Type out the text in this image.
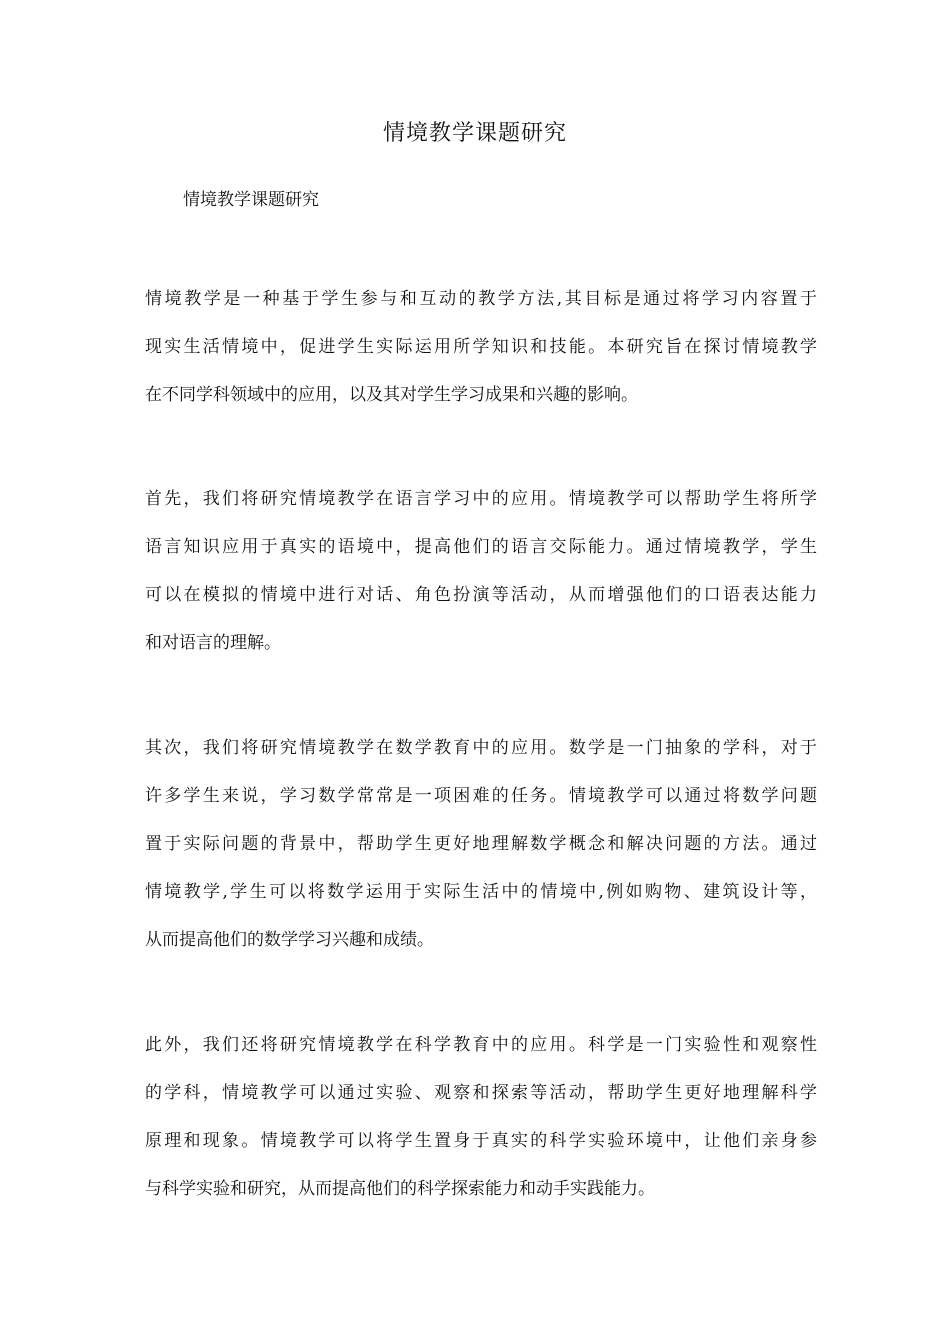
情境教学课题研究
情境教学课题研究
情境教学是一种基于学生参与和互动的教学方法,其目标是通过将学习内容置于
现实生活情境中，促进学生实际运用所学知识和技能。本研究旨在探讨情境教学
在不同学科领域中的应用，以及其对学生学习成果和兴趣的影响。
首先，我们将研究情境教学在语言学习中的应用。情境教学可以帮助学生将所学
语言知识应用于真实的语境中，提高他们的语言交际能力。通过情境教学，学生
可以在模拟的情境中进行对话、角色扮演等活动，从而增强他们的口语表达能力
和对语言的理解。
其次，我们将研究情境教学在数学教育中的应用。数学是一门抽象的学科，对于
许多学生来说，学习数学常常是一项困难的任务。情境教学可以通过将数学问题
置于实际问题的背景中，帮助学生更好地理解数学概念和解决问题的方法。通过
情境教学,学生可以将数学运用于实际生活中的情境中,例如购物、建筑设计等，
从而提高他们的数学学习兴趣和成绩。
此外，我们还将研究情境教学在科学教育中的应用。科学是一门实验性和观察性
的学科，情境教学可以通过实验、观察和探索等活动，帮助学生更好地理解科学
原理和现象。情境教学可以将学生置身于真实的科学实验环境中，让他们亲身参
与科学实验和研究，从而提高他们的科学探索能力和动手实践能力。
